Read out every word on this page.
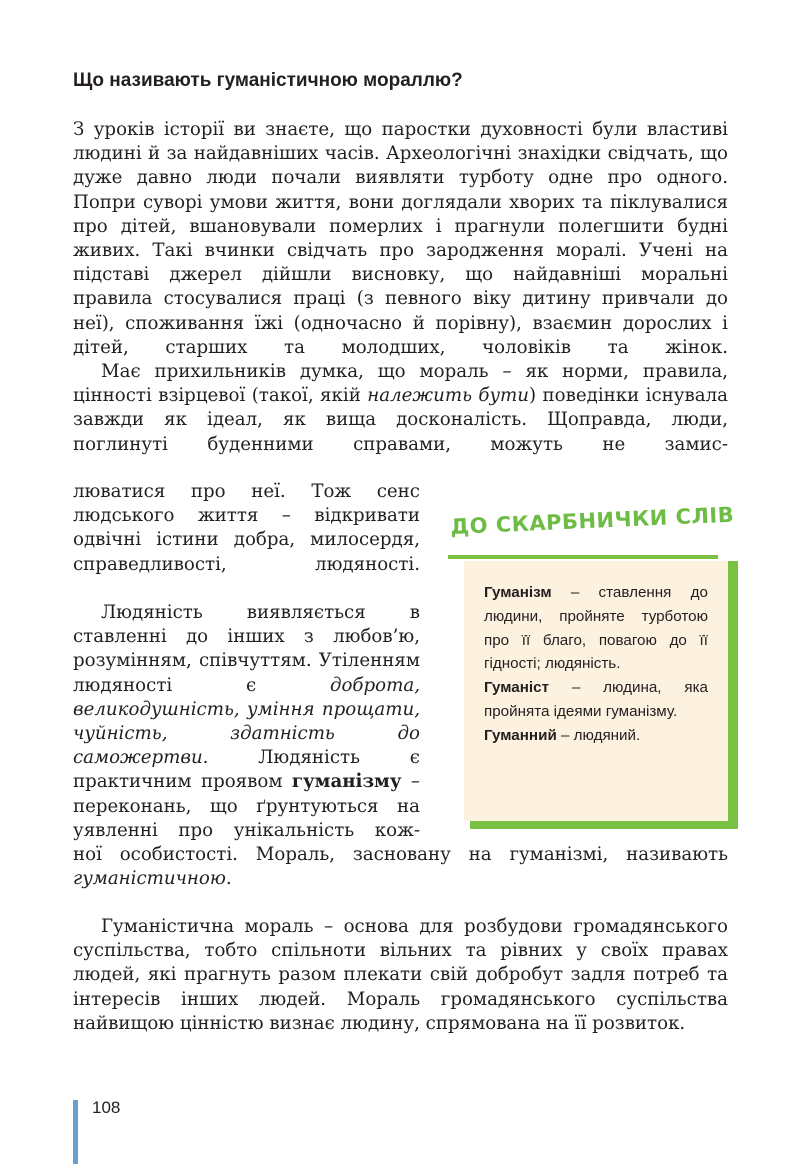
Що називають гуманістичною мораллю?

З уроків історії ви знаєте, що паростки духовності були властиві людині й за найдавніших часів. Археологічні знахідки свідчать, що дуже давно люди почали виявляти турботу одне про одного. Попри суворі умови життя, вони доглядали хворих та піклувалися про дітей, вшановували померлих і прагнули полегшити будні живих. Такі вчинки свідчать про зародження моралі. Учені на підставі джерел дійшли висновку, що найдавніші моральні правила стосувалися праці (з певного віку дитину привчали до неї), споживання їжі (одночасно й порівну), взаємин дорослих і дітей, старших та молодших, чоловіків та жінок.

Має прихильників думка, що мораль – як норми, правила, цінності взірцевої (такої, якій належить бути) поведінки існувала завжди як ідеал, як вища досконалість. Щоправда, люди, поглинуті буденними справами, можуть не замис-

люватися про неї. Тож сенс людського життя – відкривати одвічні істини добра, милосердя, справедливості, людяності.

Людяність виявляється в ставленні до інших з любов’ю, розумінням, співчуттям. Утіленням людяності є доброта, великодушність, уміння прощати, чуйність, здатність до саможертви. Людяність є практичним проявом гуманізму – переконань, що ґрунтуються на уявленні про унікальність кож-

ної особистості. Мораль, засновану на гуманізмі, називають гуманістичною.

Гуманістична мораль – основа для розбудови громадянського суспільства, тобто спільноти вільних та рівних у своїх правах людей, які прагнуть разом плекати свій добробут задля потреб та інтересів інших людей. Мораль громадянського суспільства найвищою цінністю визнає людину, спрямована на її розвиток.

ДО СКАРБНИЧКИ СЛІВ

Гуманізм – ставлення до людини, пройняте турботою про її благо, повагою до її гідності; людяність.

Гуманіст – людина, яка пройнята ідеями гуманізму.

Гуманний – людяний.

108
